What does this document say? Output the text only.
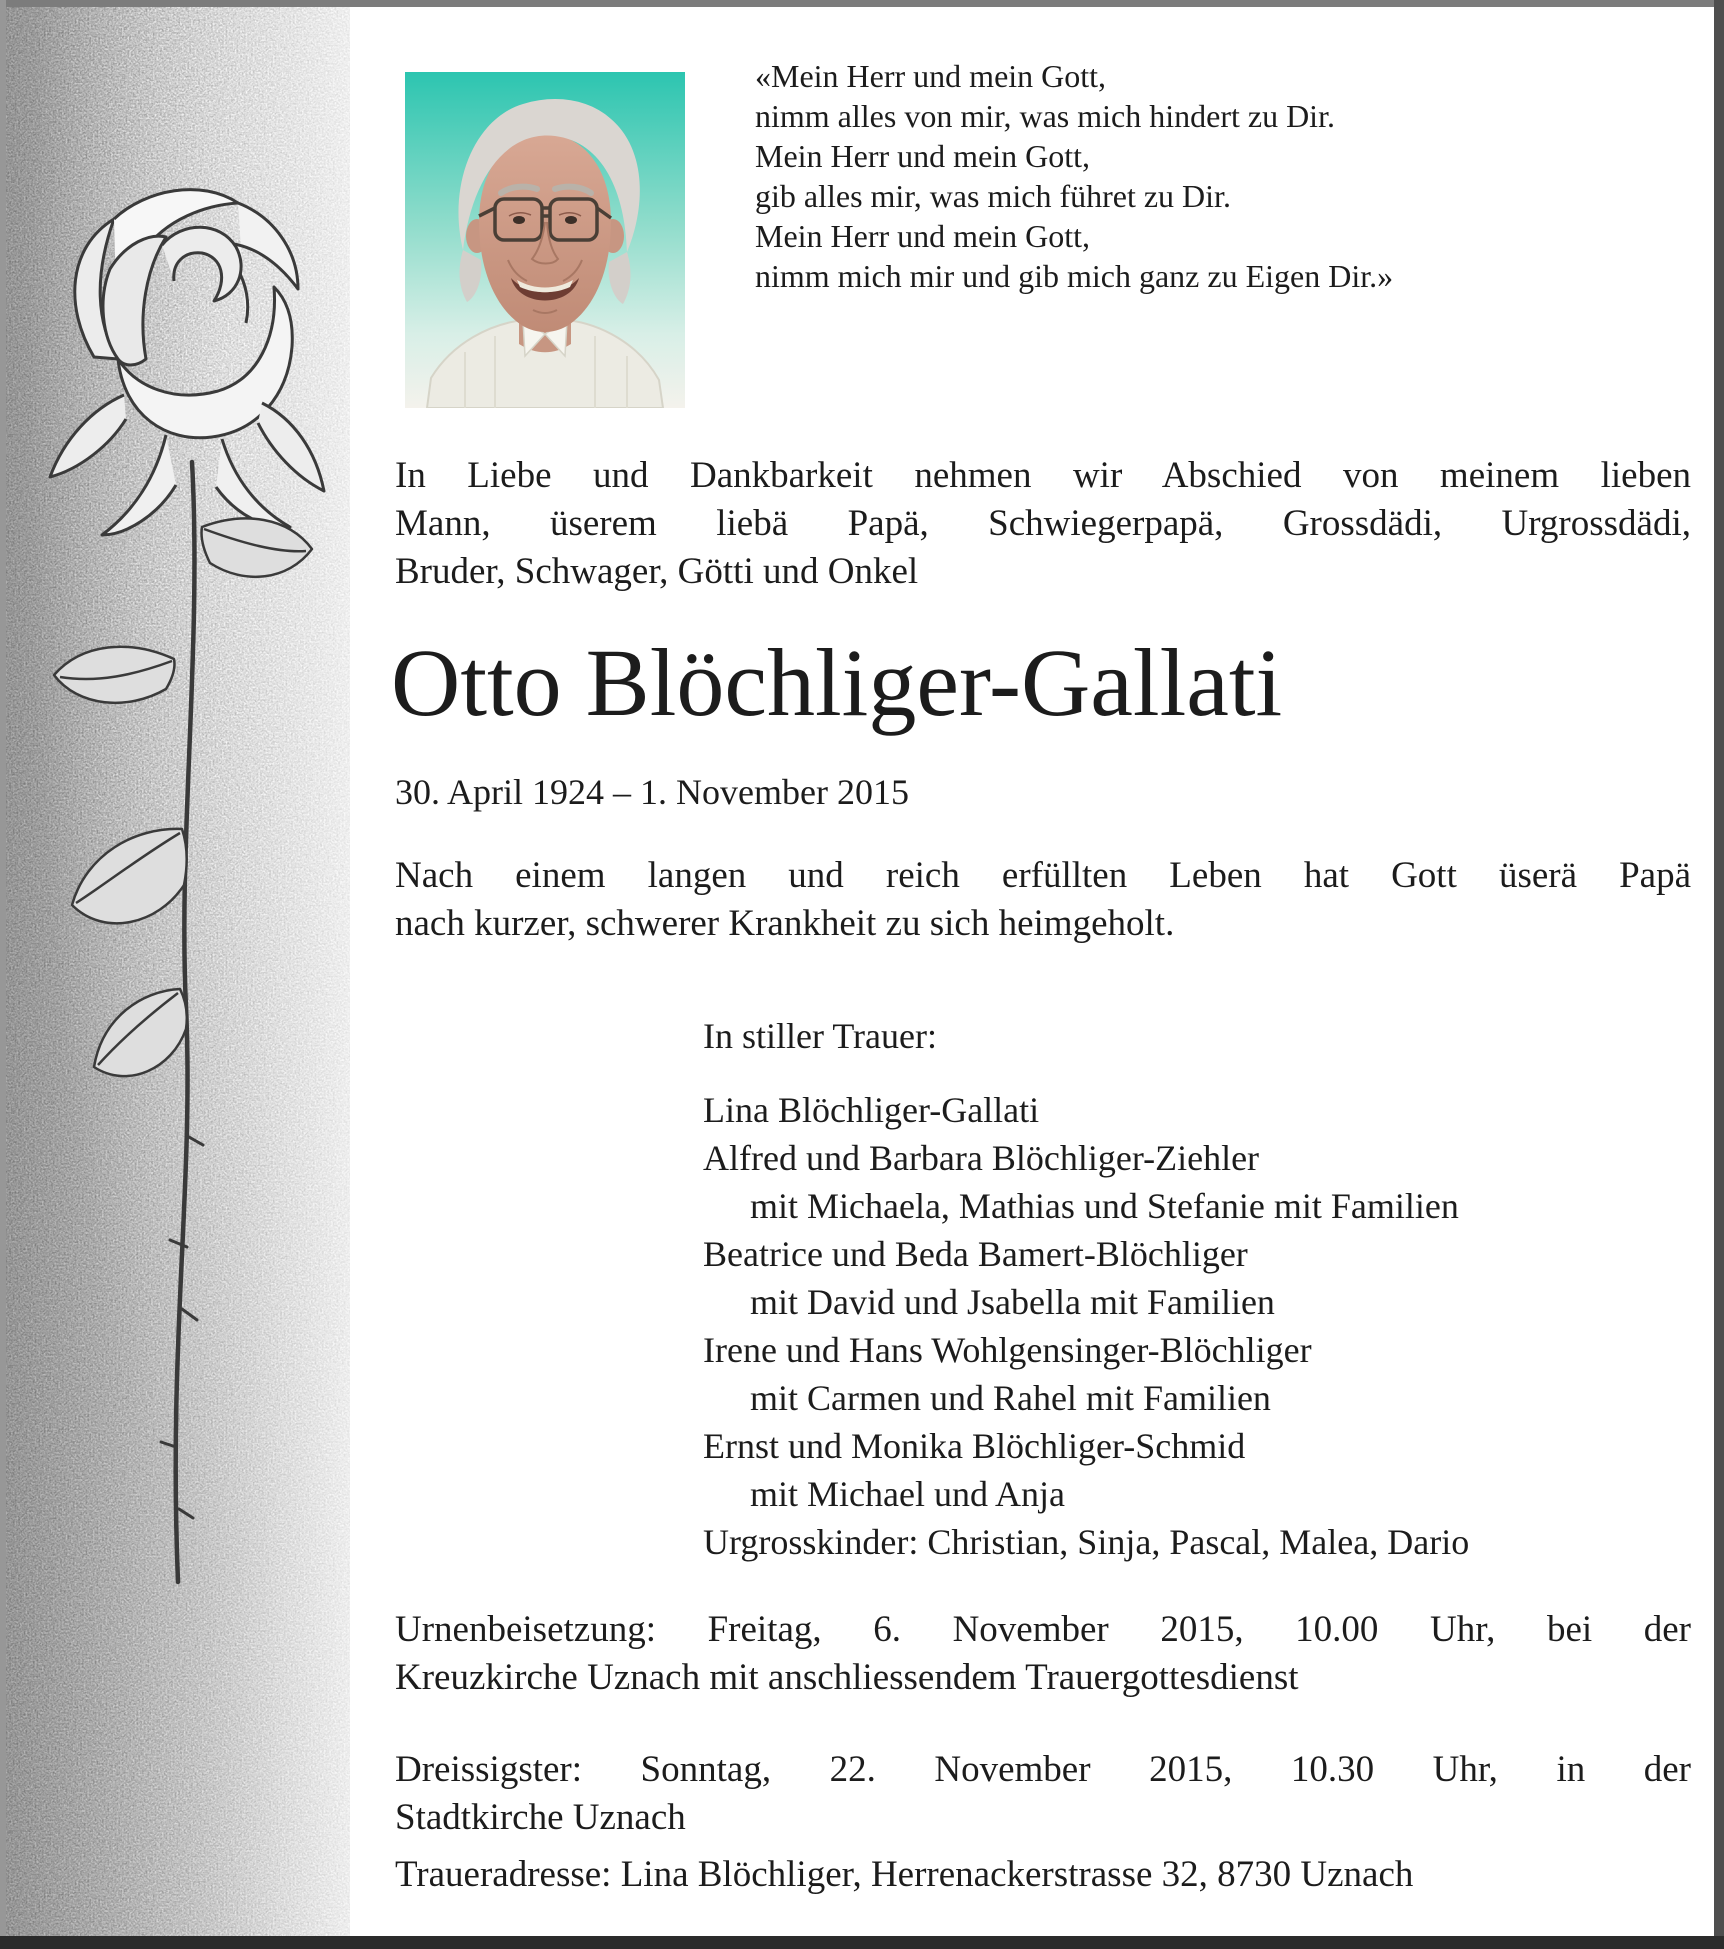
«Mein Herr und mein Gott,
nimm alles von mir, was mich hindert zu Dir.
Mein Herr und mein Gott,
gib alles mir, was mich führet zu Dir.
Mein Herr und mein Gott,
nimm mich mir und gib mich ganz zu Eigen Dir.»
In Liebe und Dankbarkeit nehmen wir Abschied von meinem lieben
Mann, üserem liebä Papä, Schwiegerpapä, Grossdädi, Urgrossdädi,
Bruder, Schwager, Götti und Onkel
Otto Blöchliger-Gallati
30. April 1924 – 1. November 2015
Nach einem langen und reich erfüllten Leben hat Gott üserä Papä
nach kurzer, schwerer Krankheit zu sich heimgeholt.
In stiller Trauer:
Lina Blöchliger-Gallati
Alfred und Barbara Blöchliger-Ziehler
mit Michaela, Mathias und Stefanie mit Familien
Beatrice und Beda Bamert-Blöchliger
mit David und Jsabella mit Familien
Irene und Hans Wohlgensinger-Blöchliger
mit Carmen und Rahel mit Familien
Ernst und Monika Blöchliger-Schmid
mit Michael und Anja
Urgrosskinder: Christian, Sinja, Pascal, Malea, Dario
Urnenbeisetzung: Freitag, 6. November 2015, 10.00 Uhr, bei der
Kreuzkirche Uznach mit anschliessendem Trauergottesdienst
Dreissigster: Sonntag, 22. November 2015, 10.30 Uhr, in der
Stadtkirche Uznach
Traueradresse: Lina Blöchliger, Herrenackerstrasse 32, 8730 Uznach
